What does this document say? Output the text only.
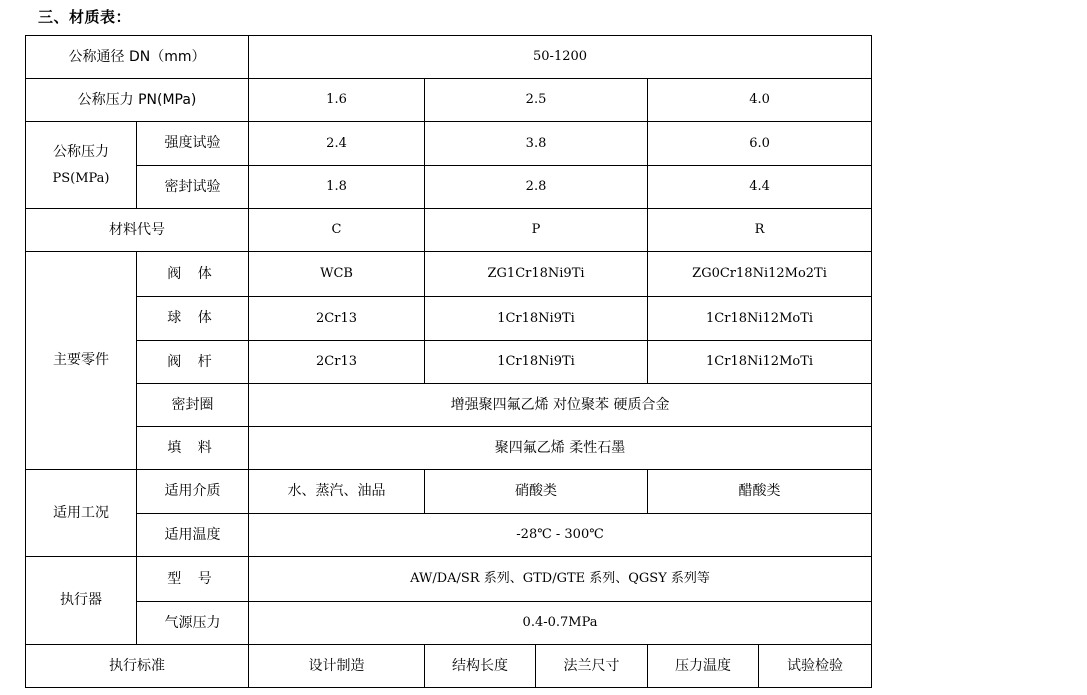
三、材质表：
公称通径 DN（mm）		50-1200				
公称压力 PN(MPa)		1.6	2.5		4.0	

公称压力
PS(MPa)	强度试验	2.4	3.8		6.0	
	密封试验	1.8	2.8		4.4	
材料代号		C	P		R	
主要零件	阀 体	WCB	ZG1Cr18Ni9Ti		ZG0Cr18Ni12Mo2Ti	
	球 体	2Cr13	1Cr18Ni9Ti		1Cr18Ni12MoTi	
	阀 杆	2Cr13	1Cr18Ni9Ti		1Cr18Ni12MoTi	
	密封圈	增强聚四氟乙烯 对位聚苯 硬质合金				
	填 料	聚四氟乙烯 柔性石墨				
适用工况	适用介质	水、蒸汽、油品	硝酸类		醋酸类	
	适用温度	-28℃ - 300℃				
执行器	型 号	AW/DA/SR 系列、GTD/GTE 系列、QGSY 系列等				
	气源压力	0.4-0.7MPa				
执行标准		设计制造	结构长度	法兰尺寸	压力温度	试验检验
